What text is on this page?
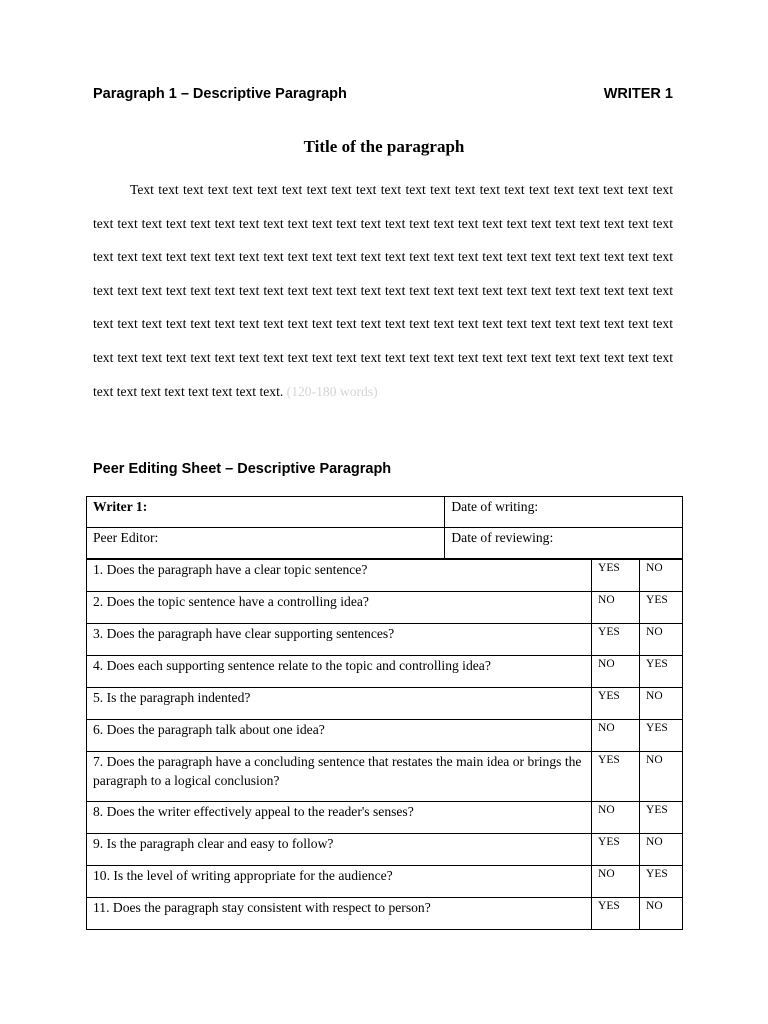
Paragraph 1 – Descriptive Paragraph	WRITER 1
Title of the paragraph
Text text text text text text text text text text text text text text text text text text text text text text text text text text text text text text text text text text text text text text text text text text text text text text text text text text text text text text text text text text text text text text text text text text text text text text text text text text text text text text text text text text text text text text text text text text text text text text text text text text text text text text text text text text text text text text text text text text text text text text text text text text text text text text text text text text text text text text text text text text text text text text text text text text text text text text. (120-180 words)
Peer Editing Sheet – Descriptive Paragraph
Writer 1:	Date of writing:
Peer Editor:	Date of reviewing:
1. Does the paragraph have a clear topic sentence?	YES	NO
2. Does the topic sentence have a controlling idea?	NO	YES
3. Does the paragraph have clear supporting sentences?	YES	NO
4. Does each supporting sentence relate to the topic and controlling idea?	NO	YES
5. Is the paragraph indented?	YES	NO
6. Does the paragraph talk about one idea?	NO	YES
7. Does the paragraph have a concluding sentence that restates the main idea or brings the paragraph to a logical conclusion?	YES	NO
8. Does the writer effectively appeal to the reader's senses?	NO	YES
9. Is the paragraph clear and easy to follow?	YES	NO
10. Is the level of writing appropriate for the audience?	NO	YES
11. Does the paragraph stay consistent with respect to person?	YES	NO
